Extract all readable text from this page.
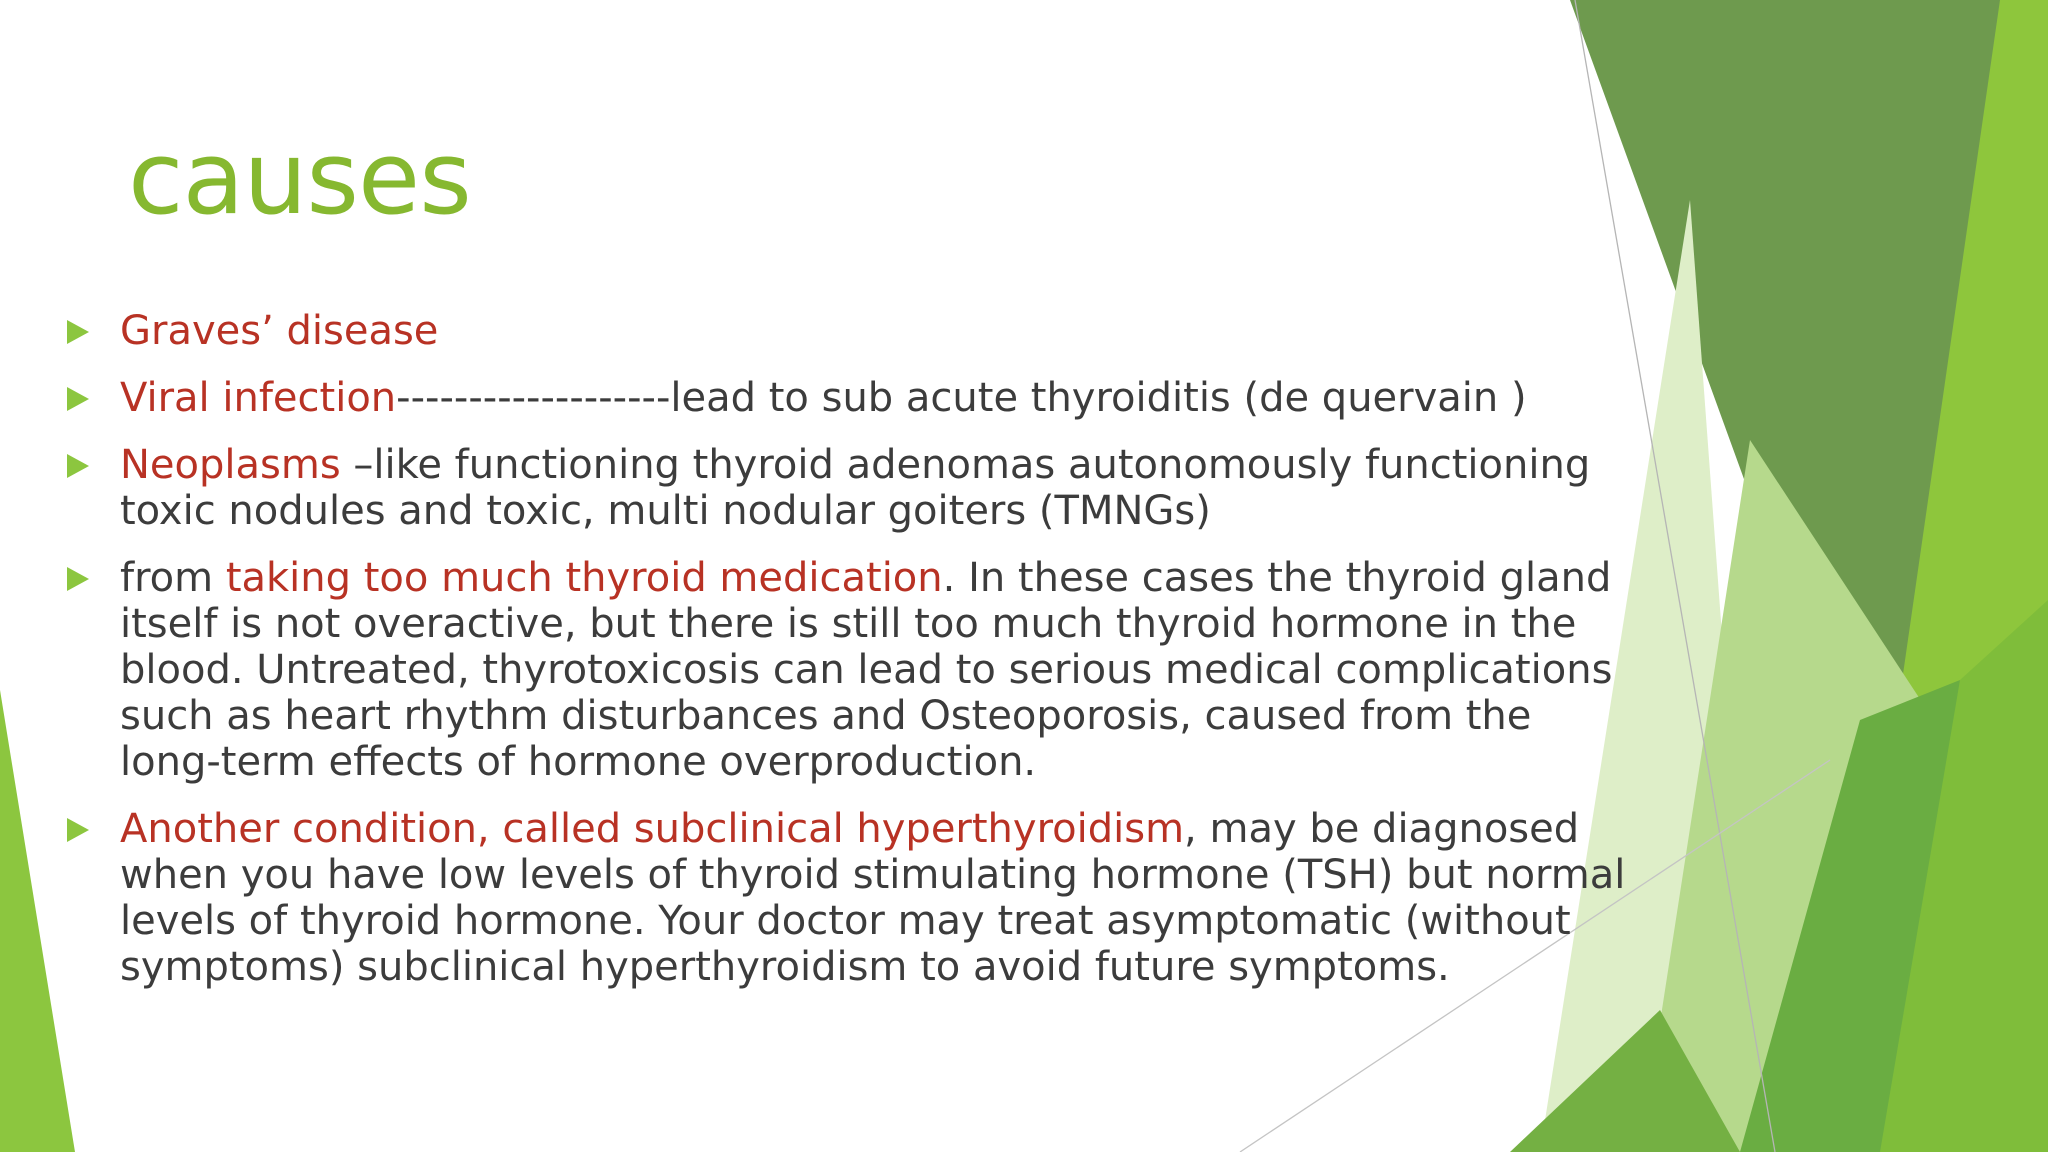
causes
Graves’ disease
Viral infection-------------------lead to sub acute thyroiditis (de quervain )
Neoplasms –like functioning thyroid adenomas autonomously functioning toxic nodules and toxic, multi nodular goiters (TMNGs)
from taking too much thyroid medication. In these cases the thyroid gland itself is not overactive, but there is still too much thyroid hormone in the blood. Untreated, thyrotoxicosis can lead to serious medical complications such as heart rhythm disturbances and Osteoporosis, caused from the long-term effects of hormone overproduction.
Another condition, called subclinical hyperthyroidism, may be diagnosed when you have low levels of thyroid stimulating hormone (TSH) but normal levels of thyroid hormone. Your doctor may treat asymptomatic (without symptoms) subclinical hyperthyroidism to avoid future symptoms.
